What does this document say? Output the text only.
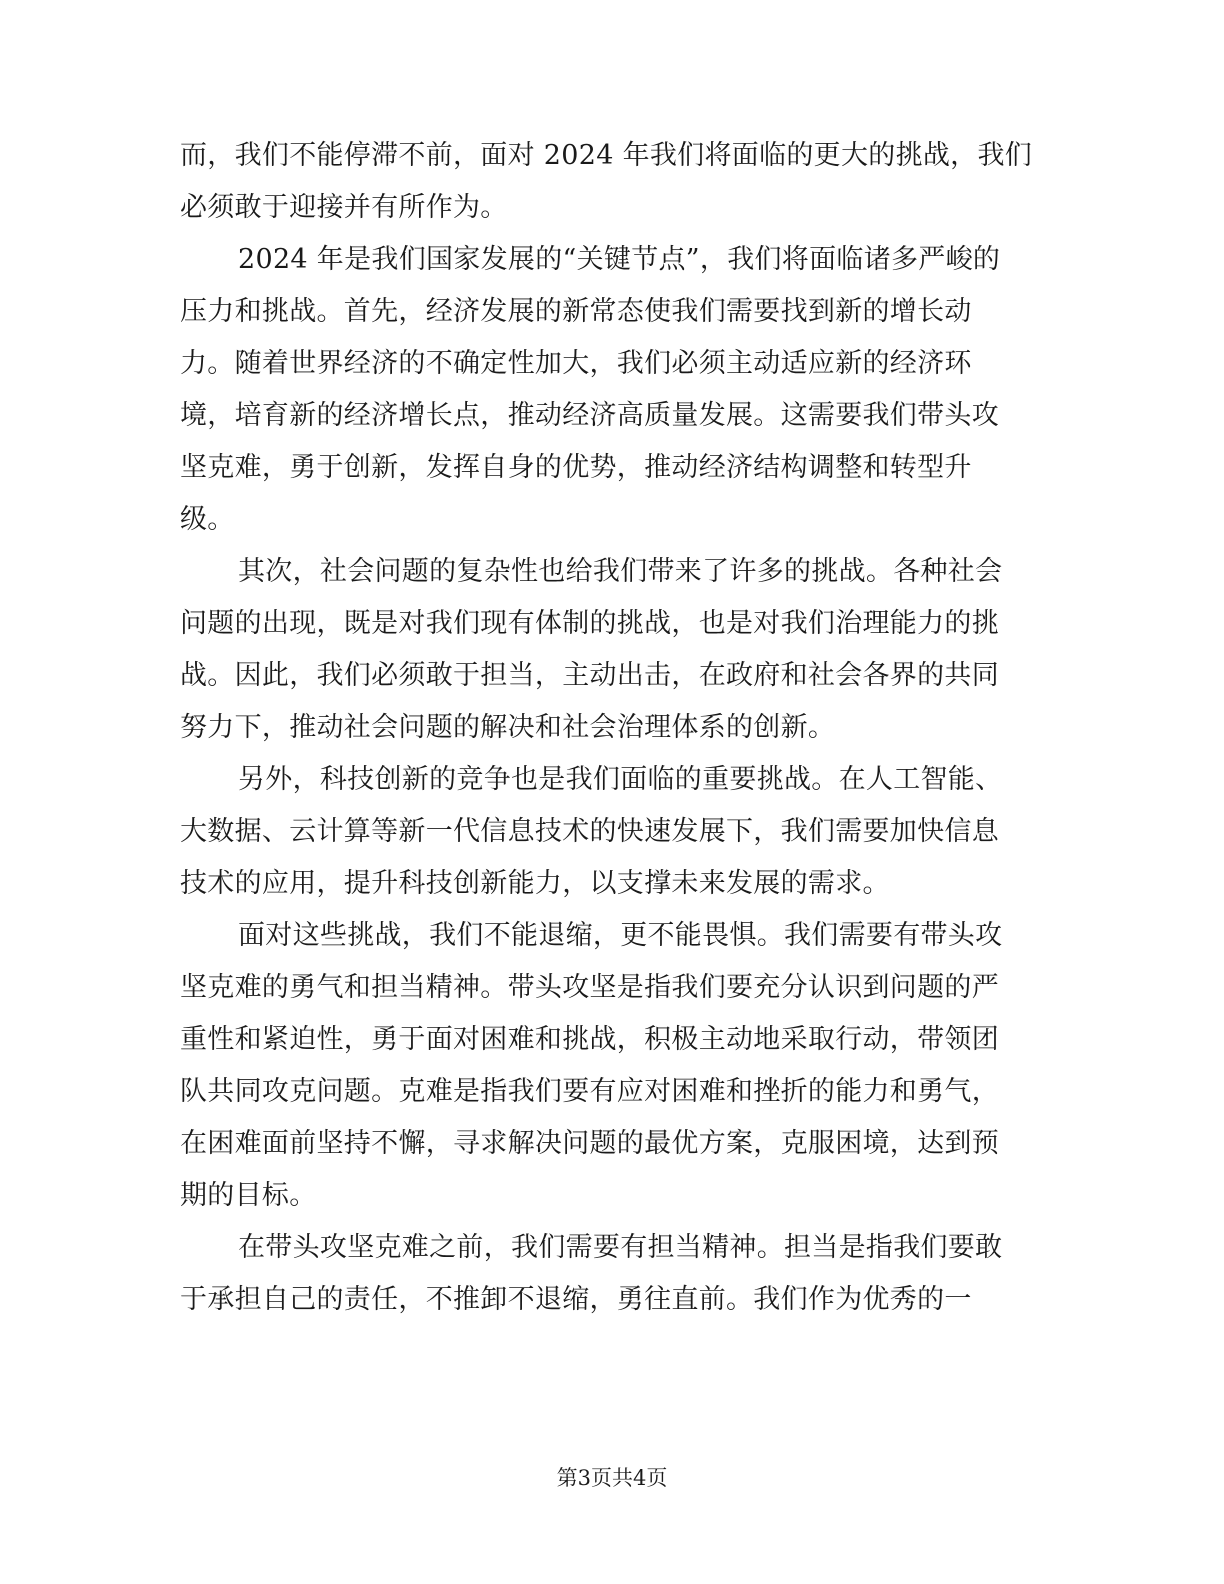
而，我们不能停滞不前，面对 2024 年我们将面临的更大的挑战，我们
必须敢于迎接并有所作为。
2024 年是我们国家发展的“关键节点”，我们将面临诸多严峻的
压力和挑战。首先，经济发展的新常态使我们需要找到新的增长动
力。随着世界经济的不确定性加大，我们必须主动适应新的经济环
境，培育新的经济增长点，推动经济高质量发展。这需要我们带头攻
坚克难，勇于创新，发挥自身的优势，推动经济结构调整和转型升
级。
其次，社会问题的复杂性也给我们带来了许多的挑战。各种社会
问题的出现，既是对我们现有体制的挑战，也是对我们治理能力的挑
战。因此，我们必须敢于担当，主动出击，在政府和社会各界的共同
努力下，推动社会问题的解决和社会治理体系的创新。
另外，科技创新的竞争也是我们面临的重要挑战。在人工智能、
大数据、云计算等新一代信息技术的快速发展下，我们需要加快信息
技术的应用，提升科技创新能力，以支撑未来发展的需求。
面对这些挑战，我们不能退缩，更不能畏惧。我们需要有带头攻
坚克难的勇气和担当精神。带头攻坚是指我们要充分认识到问题的严
重性和紧迫性，勇于面对困难和挑战，积极主动地采取行动，带领团
队共同攻克问题。克难是指我们要有应对困难和挫折的能力和勇气，
在困难面前坚持不懈，寻求解决问题的最优方案，克服困境，达到预
期的目标。
在带头攻坚克难之前，我们需要有担当精神。担当是指我们要敢
于承担自己的责任，不推卸不退缩，勇往直前。我们作为优秀的一
第3页共4页
